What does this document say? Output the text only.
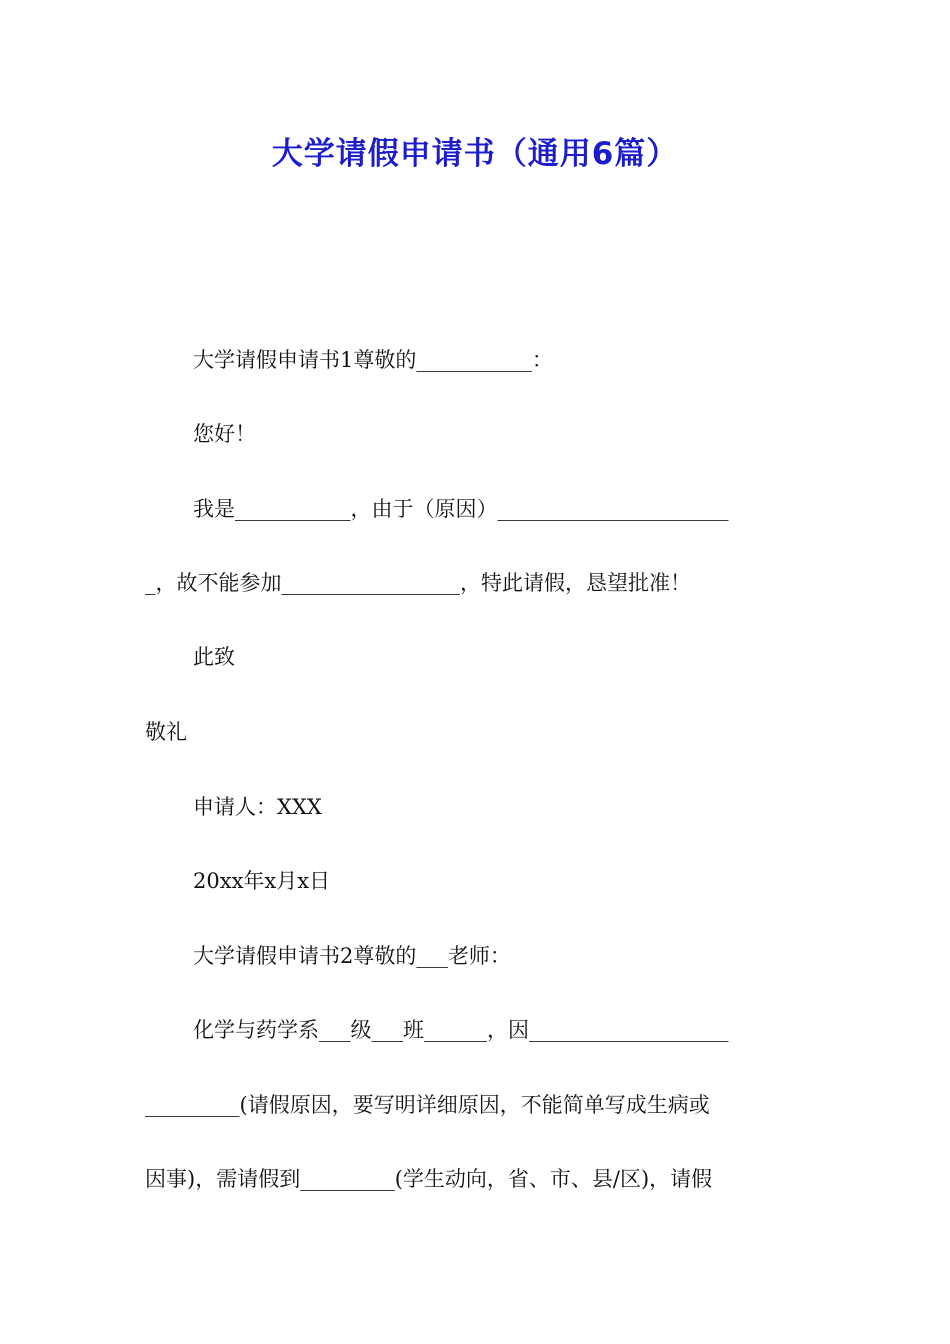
大学请假申请书（通用6篇）
大学请假申请书1尊敬的___________：
您好！
我是___________，由于（原因）______________________
_，故不能参加_________________，特此请假，恳望批准！
此致
敬礼
申请人：XXX
20xx年x月x日
大学请假申请书2尊敬的___老师：
化学与药学系___级___班______，因___________________
_________(请假原因，要写明详细原因，不能简单写成生病或
因事)，需请假到_________(学生动向，省、市、县/区)，请假
